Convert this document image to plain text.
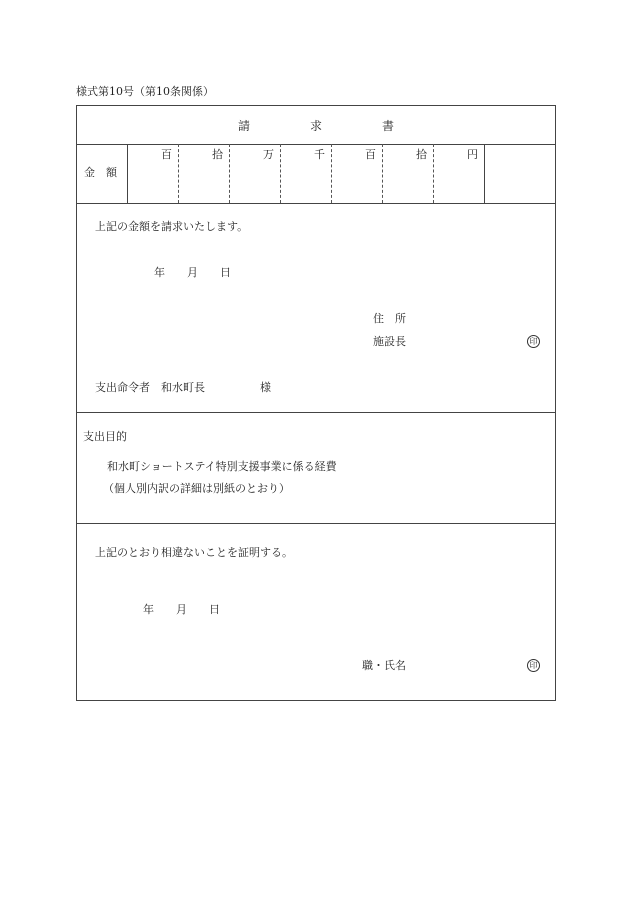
様式第10号（第10条関係）
請　　　　　求　　　　　書
金　額
百	拾	万	千	百	拾	円
上記の金額を請求いたします。
年　　月　　日
住　所
施設長	印
支出命令者　和水町長　　　　　様
支出目的
和水町ショートステイ特別支援事業に係る経費
（個人別内訳の詳細は別紙のとおり）
上記のとおり相違ないことを証明する。
年　　月　　日
職・氏名	印
